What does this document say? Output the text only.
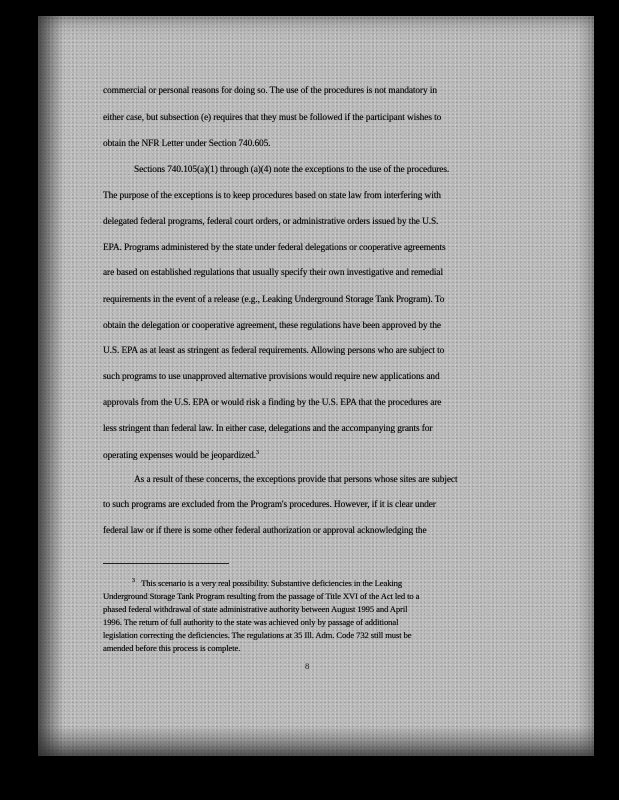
commercial or personal reasons for doing so. The use of the procedures is not mandatory in
either case, but subsection (e) requires that they must be followed if the participant wishes to
obtain the NFR Letter under Section 740.605.
Sections 740.105(a)(1) through (a)(4) note the exceptions to the use of the procedures.
The purpose of the exceptions is to keep procedures based on state law from interfering with
delegated federal programs, federal court orders, or administrative orders issued by the U.S.
EPA. Programs administered by the state under federal delegations or cooperative agreements
are based on established regulations that usually specify their own investigative and remedial
requirements in the event of a release (e.g., Leaking Underground Storage Tank Program). To
obtain the delegation or cooperative agreement, these regulations have been approved by the
U.S. EPA as at least as stringent as federal requirements. Allowing persons who are subject to
such programs to use unapproved alternative provisions would require new applications and
approvals from the U.S. EPA or would risk a finding by the U.S. EPA that the procedures are
less stringent than federal law. In either case, delegations and the accompanying grants for
operating expenses would be jeopardized.$^3$
As a result of these concerns, the exceptions provide that persons whose sites are subject
to such programs are excluded from the Program's procedures. However, if it is clear under
federal law or if there is some other federal authorization or approval acknowledging the
$^3$ This scenario is a very real possibility. Substantive deficiencies in the Leaking
Underground Storage Tank Program resulting from the passage of Title XVI of the Act led to a
phased federal withdrawal of state administrative authority between August 1995 and April
1996. The return of full authority to the state was achieved only by passage of additional
legislation correcting the deficiencies. The regulations at 35 Ill. Adm. Code 732 still must be
amended before this process is complete.
8
